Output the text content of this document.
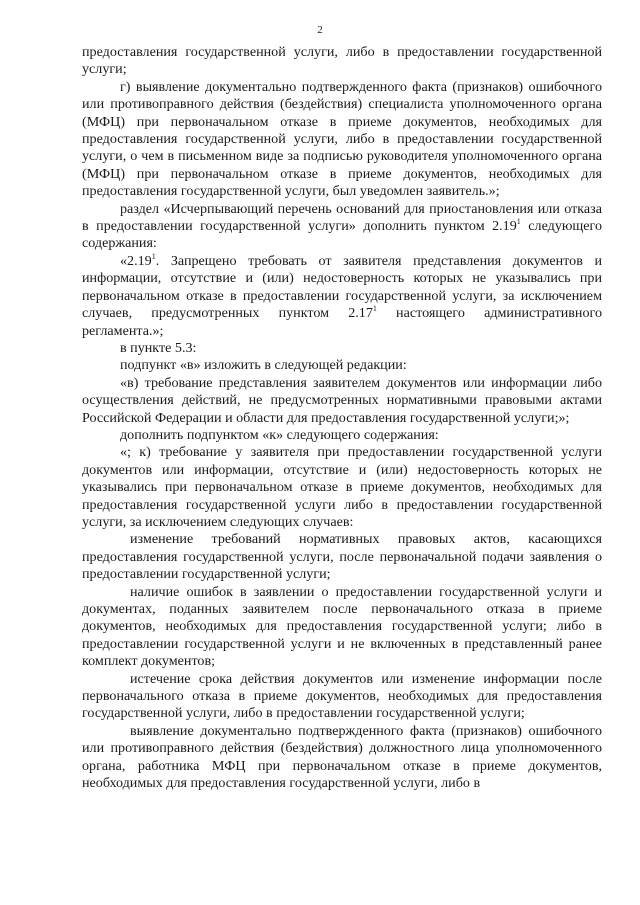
2

предоставления государственной услуги, либо в предоставлении государственной услуги;

г) выявление документально подтвержденного факта (признаков) ошибочного или противоправного действия (бездействия) специалиста уполномоченного органа (МФЦ) при первоначальном отказе в приеме документов, необходимых для предоставления государственной услуги, либо в предоставлении государственной услуги, о чем в письменном виде за подписью руководителя уполномоченного органа (МФЦ) при первоначальном отказе в приеме документов, необходимых для предоставления государственной услуги, был уведомлен заявитель.»;

раздел «Исчерпывающий перечень оснований для приостановления или отказа в предоставлении государственной услуги» дополнить пунктом 2.19$^1$ следующего содержания:

«2.19$^1$. Запрещено требовать от заявителя представления документов и информации, отсутствие и (или) недостоверность которых не указывались при первоначальном отказе в предоставлении государственной услуги, за исключением случаев, предусмотренных пунктом 2.17$^1$ настоящего административного регламента.»;

в пункте 5.3:

подпункт «в» изложить в следующей редакции:

«в) требование представления заявителем документов или информации либо осуществления действий, не предусмотренных нормативными правовыми актами Российской Федерации и области для предоставления государственной услуги;»;

дополнить подпунктом «к» следующего содержания:

«; к) требование у заявителя при предоставлении государственной услуги документов или информации, отсутствие и (или) недостоверность которых не указывались при первоначальном отказе в приеме документов, необходимых для предоставления государственной услуги либо в предоставлении государственной услуги, за исключением следующих случаев:

изменение требований нормативных правовых актов, касающихся предоставления государственной услуги, после первоначальной подачи заявления о предоставлении государственной услуги;

наличие ошибок в заявлении о предоставлении государственной услуги и документах, поданных заявителем после первоначального отказа в приеме документов, необходимых для предоставления государственной услуги; либо в предоставлении государственной услуги и не включенных в представленный ранее комплект документов;

истечение срока действия документов или изменение информации после первоначального отказа в приеме документов, необходимых для предоставления государственной услуги, либо в предоставлении государственной услуги;

выявление документально подтвержденного факта (признаков) ошибочного или противоправного действия (бездействия) должностного лица уполномоченного органа, работника МФЦ при первоначальном отказе в приеме документов, необходимых для предоставления государственной услуги, либо в
